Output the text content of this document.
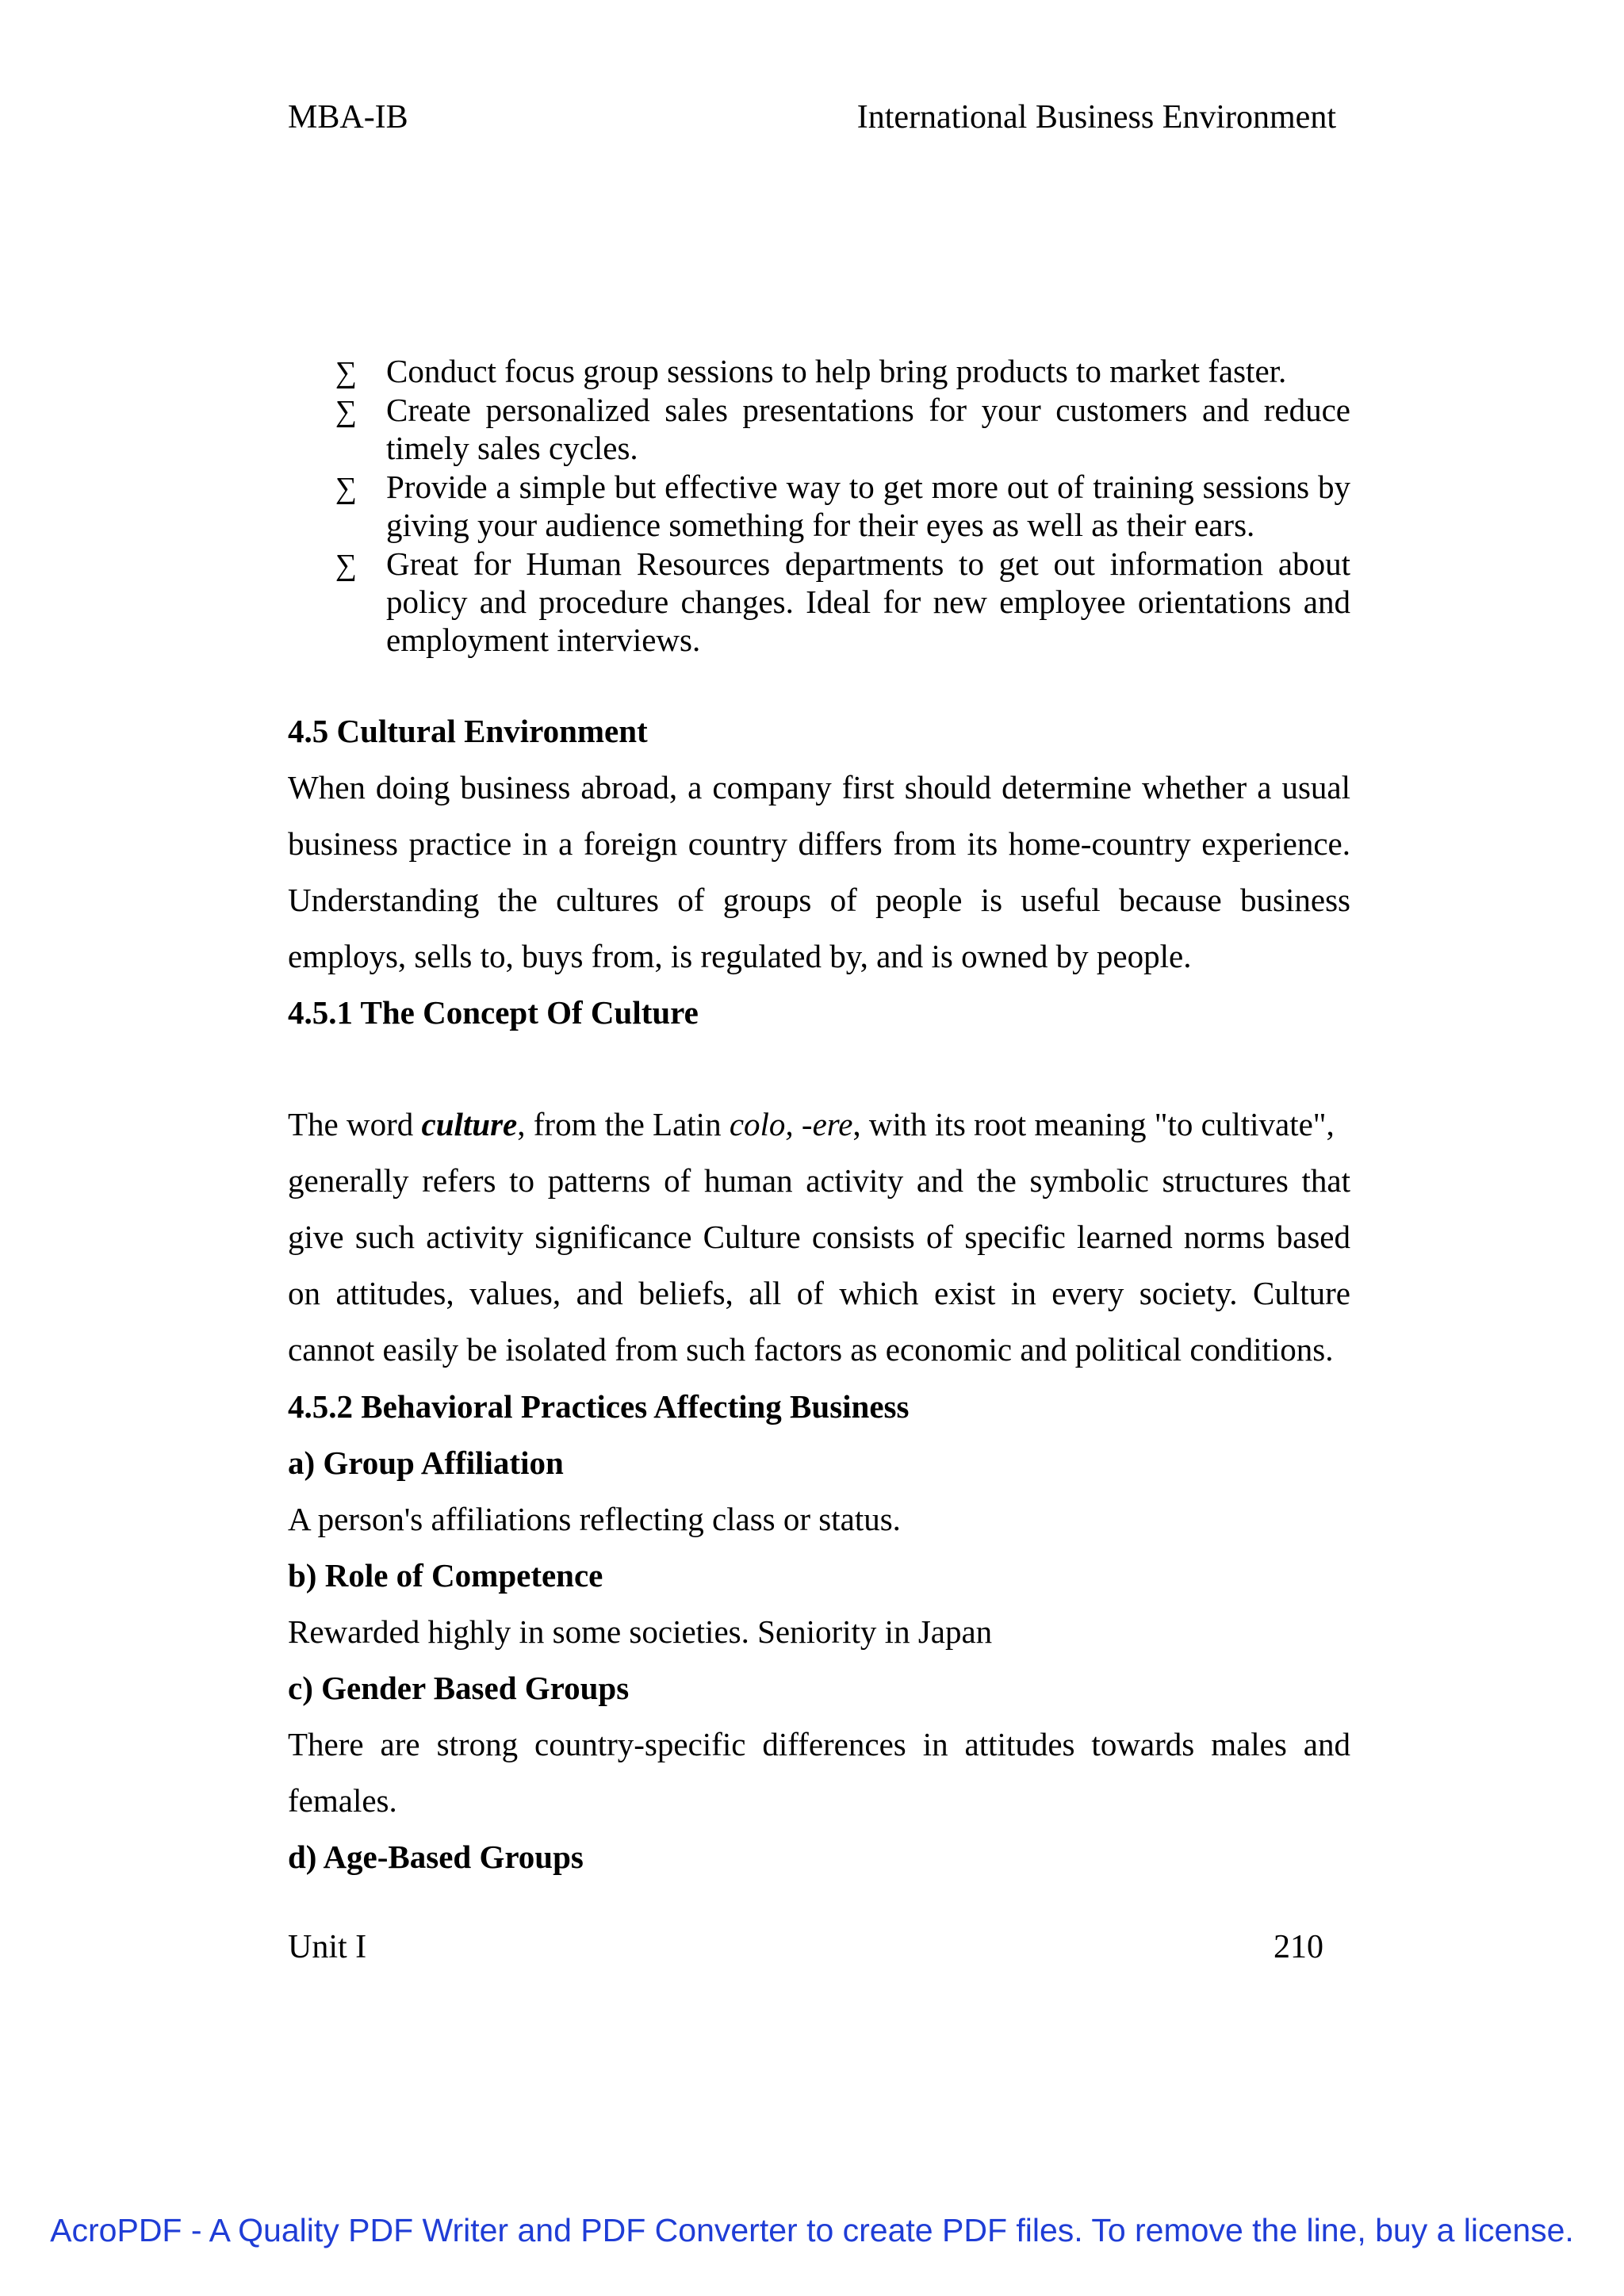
MBA-IB	International Business Environment
∑ Conduct focus group sessions to help bring products to market faster.
∑ Create personalized sales presentations for your customers and reduce timely sales cycles.
∑ Provide a simple but effective way to get more out of training sessions by giving your audience something for their eyes as well as their ears.
∑ Great for Human Resources departments to get out information about policy and procedure changes. Ideal for new employee orientations and employment interviews.
4.5 Cultural Environment
When doing business abroad, a company first should determine whether a usual
business practice in a foreign country differs from its home-country experience.
Understanding the cultures of groups of people is useful because business
employs, sells to, buys from, is regulated by, and is owned by people.
4.5.1 The Concept Of Culture
The word culture, from the Latin colo, -ere, with its root meaning "to cultivate",
generally refers to patterns of human activity and the symbolic structures that
give such activity significance Culture consists of specific learned norms based
on attitudes, values, and beliefs, all of which exist in every society. Culture
cannot easily be isolated from such factors as economic and political conditions.
4.5.2 Behavioral Practices Affecting Business
a) Group Affiliation
A person's affiliations reflecting class or status.
b) Role of Competence
Rewarded highly in some societies. Seniority in Japan
c) Gender Based Groups
There are strong country-specific differences in attitudes towards males and
females.
d) Age-Based Groups
Unit I	210
AcroPDF - A Quality PDF Writer and PDF Converter to create PDF files. To remove the line, buy a license.
